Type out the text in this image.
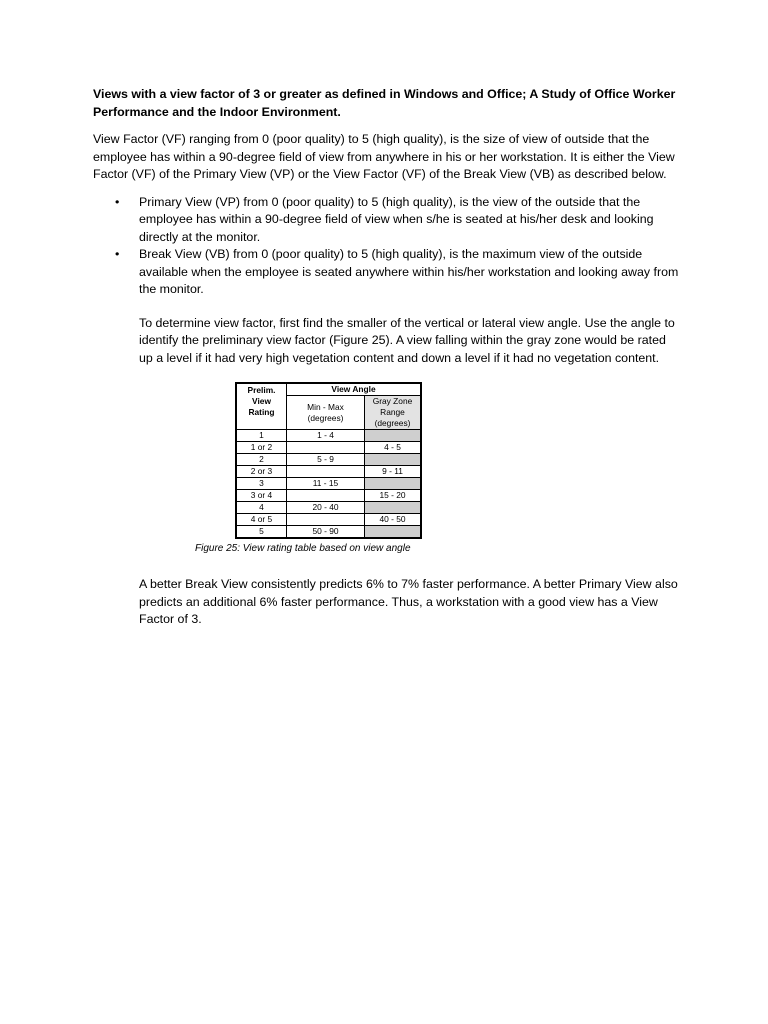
Views with a view factor of 3 or greater as defined in Windows and Office; A Study of Office Worker Performance and the Indoor Environment.

View Factor (VF) ranging from 0 (poor quality) to 5 (high quality), is the size of view of outside that the employee has within a 90-degree field of view from anywhere in his or her workstation. It is either the View Factor (VF) of the Primary View (VP) or the View Factor (VF) of the Break View (VB) as described below.

• Primary View (VP) from 0 (poor quality) to 5 (high quality), is the view of the outside that the employee has within a 90-degree field of view when s/he is seated at his/her desk and looking directly at the monitor.
• Break View (VB) from 0 (poor quality) to 5 (high quality), is the maximum view of the outside available when the employee is seated anywhere within his/her workstation and looking away from the monitor.

To determine view factor, first find the smaller of the vertical or lateral view angle. Use the angle to identify the preliminary view factor (Figure 25). A view falling within the gray zone would be rated up a level if it had very high vegetation content and down a level if it had no vegetation content.

Prelim. View Rating	View Angle	
	Min - Max (degrees)	Gray Zone Range (degrees)
1	1 - 4	
1 or 2		4 - 5
2	5 - 9	
2 or 3		9 - 11
3	11 - 15	
3 or 4		15 - 20
4	20 - 40	
4 or 5		40 - 50
5	50 - 90	
Figure 25: View rating table based on view angle

A better Break View consistently predicts 6% to 7% faster performance. A better Primary View also predicts an additional 6% faster performance. Thus, a workstation with a good view has a View Factor of 3.
